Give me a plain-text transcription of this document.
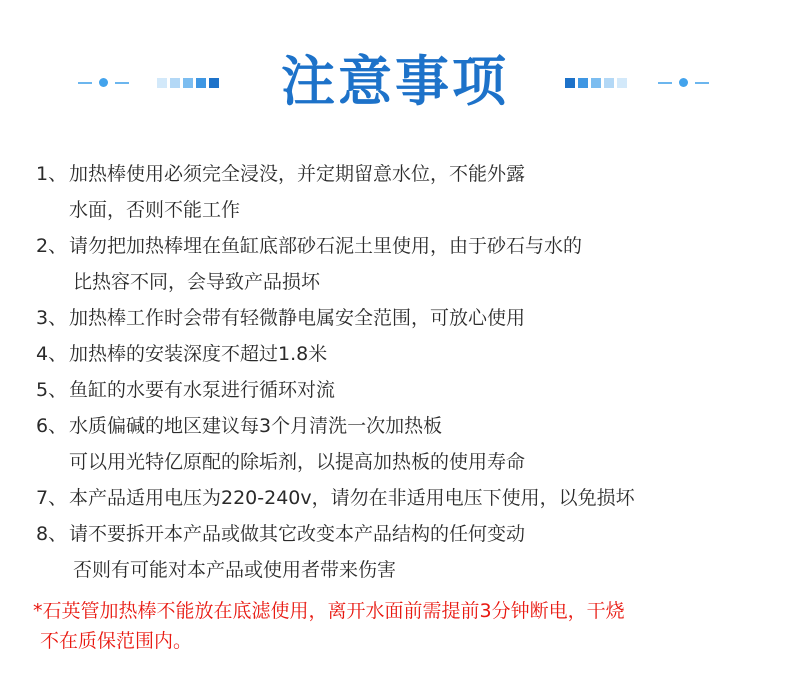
注意事项
1、 加热棒使用必须完全浸没，并定期留意水位，不能外露
水面，否则不能工作
2、 请勿把加热棒埋在鱼缸底部砂石泥土里使用，由于砂石与水的
比热容不同，会导致产品损坏
3、 加热棒工作时会带有轻微静电属安全范围，可放心使用
4、 加热棒的安装深度不超过1.8米
5、 鱼缸的水要有水泵进行循环对流
6、 水质偏碱的地区建议每3个月清洗一次加热板
可以用光特亿原配的除垢剂，以提高加热板的使用寿命
7、 本产品适用电压为220-240v，请勿在非适用电压下使用，以免损坏
8、 请不要拆开本产品或做其它改变本产品结构的任何变动
否则有可能对本产品或使用者带来伤害
*石英管加热棒不能放在底滤使用，离开水面前需提前3分钟断电，干烧
不在质保范围内。
